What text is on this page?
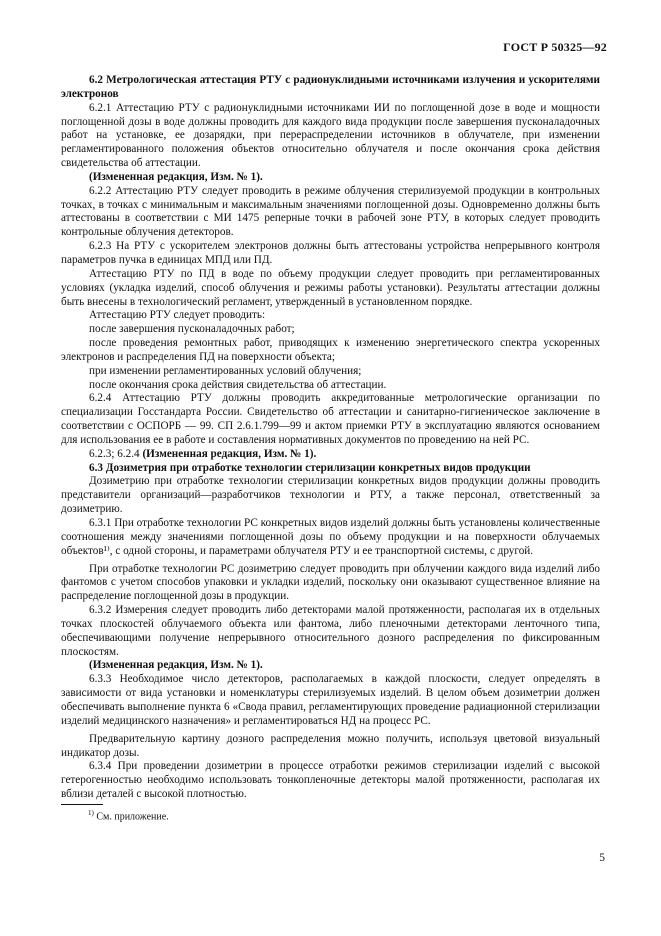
ГОСТ Р 50325—92

6.2 Метрологическая аттестация РТУ с радионуклидными источниками излучения и ускорителями электронов

6.2.1 Аттестацию РТУ с радионуклидными источниками ИИ по поглощенной дозе в воде и мощности поглощенной дозы в воде должны проводить для каждого вида продукции после завершения пусконаладочных работ на установке, ее дозарядки, при перераспределении источников в облучателе, при изменении регламентированного положения объектов относительно облучателя и после окончания срока действия свидетельства об аттестации.

(Измененная редакция, Изм. № 1).

6.2.2 Аттестацию РТУ следует проводить в режиме облучения стерилизуемой продукции в контрольных точках, в точках с минимальным и максимальным значениями поглощенной дозы. Одновременно должны быть аттестованы в соответствии с МИ 1475 реперные точки в рабочей зоне РТУ, в которых следует проводить контрольные облучения детекторов.

6.2.3 На РТУ с ускорителем электронов должны быть аттестованы устройства непрерывного контроля параметров пучка в единицах МПД или ПД.

Аттестацию РТУ по ПД в воде по объему продукции следует проводить при регламентированных условиях (укладка изделий, способ облучения и режимы работы установки). Результаты аттестации должны быть внесены в технологический регламент, утвержденный в установленном порядке.

Аттестацию РТУ следует проводить:

после завершения пусконаладочных работ;

после проведения ремонтных работ, приводящих к изменению энергетического спектра ускоренных электронов и распределения ПД на поверхности объекта;

при изменении регламентированных условий облучения;

после окончания срока действия свидетельства об аттестации.

6.2.4 Аттестацию РТУ должны проводить аккредитованные метрологические организации по специализации Госстандарта России. Свидетельство об аттестации и санитарно-гигиеническое заключение в соответствии с ОСПОРБ — 99. СП 2.6.1.799—99 и актом приемки РТУ в эксплуатацию являются основанием для использования ее в работе и составления нормативных документов по проведению на ней РС.

6.2.3; 6.2.4 (Измененная редакция, Изм. № 1).

6.3 Дозиметрия при отработке технологии стерилизации конкретных видов продукции

Дозиметрию при отработке технологии стерилизации конкретных видов продукции должны проводить представители организаций—разработчиков технологии и РТУ, а также персонал, ответственный за дозиметрию.

6.3.1 При отработке технологии РС конкретных видов изделий должны быть установлены количественные соотношения между значениями поглощенной дозы по объему продукции и на поверхности облучаемых объектов¹⁾, с одной стороны, и параметрами облучателя РТУ и ее транспортной системы, с другой.

При отработке технологии РС дозиметрию следует проводить при облучении каждого вида изделий либо фантомов с учетом способов упаковки и укладки изделий, поскольку они оказывают существенное влияние на распределение поглощенной дозы в продукции.

6.3.2 Измерения следует проводить либо детекторами малой протяженности, располагая их в отдельных точках плоскостей облучаемого объекта или фантома, либо пленочными детекторами ленточного типа, обеспечивающими получение непрерывного относительного дозного распределения по фиксированным плоскостям.

(Измененная редакция, Изм. № 1).

6.3.3 Необходимое число детекторов, располагаемых в каждой плоскости, следует определять в зависимости от вида установки и номенклатуры стерилизуемых изделий. В целом объем дозиметрии должен обеспечивать выполнение пункта 6 «Свода правил, регламентирующих проведение радиационной стерилизации изделий медицинского назначения» и регламентироваться НД на процесс РС.

Предварительную картину дозного распределения можно получить, используя цветовой визуальный индикатор дозы.

6.3.4 При проведении дозиметрии в процессе отработки режимов стерилизации изделий с высокой гетерогенностью необходимо использовать тонкопленочные детекторы малой протяженности, располагая их вблизи деталей с высокой плотностью.

$^{1)}$ См. приложение.
5
